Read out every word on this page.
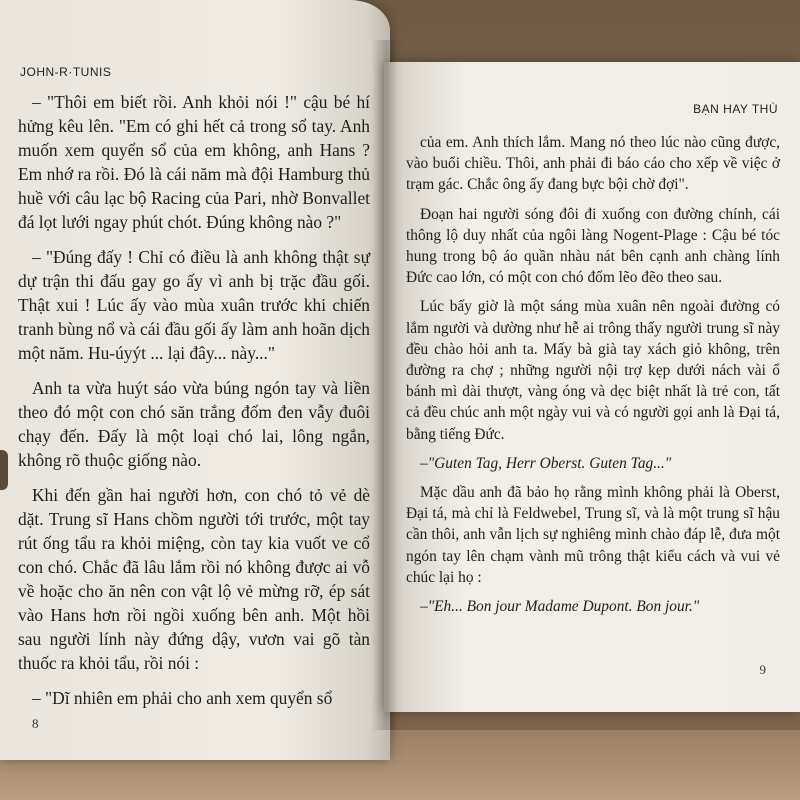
JOHN-R·TUNIS

– "Thôi em biết rồi. Anh khỏi nói !" cậu bé hí hửng kêu lên. "Em có ghi hết cả trong sổ tay. Anh muốn xem quyển sổ của em không, anh Hans ? Em nhớ ra rồi. Đó là cái năm mà đội Hamburg thủ huề với câu lạc bộ Racing của Pari, nhờ Bonvallet đá lọt lưới ngay phút chót. Đúng không nào ?"

– "Đúng đấy ! Chỉ có điều là anh không thật sự dự trận thi đấu gay go ấy vì anh bị trặc đầu gối. Thật xui ! Lúc ấy vào mùa xuân trước khi chiến tranh bùng nổ và cái đầu gối ấy làm anh hoãn dịch một năm. Hu-úyýt ... lại đây... này..."

Anh ta vừa huýt sáo vừa búng ngón tay và liền theo đó một con chó săn trắng đốm đen vẫy đuôi chạy đến. Đấy là một loại chó lai, lông ngắn, không rõ thuộc giống nào.

Khi đến gần hai người hơn, con chó tỏ vẻ dè dặt. Trung sĩ Hans chồm người tới trước, một tay rút ống tẩu ra khỏi miệng, còn tay kia vuốt ve cổ con chó. Chắc đã lâu lắm rồi nó không được ai vỗ về hoặc cho ăn nên con vật lộ vẻ mừng rỡ, ép sát vào Hans hơn rồi ngồi xuống bên anh. Một hồi sau người lính này đứng dậy, vươn vai gõ tàn thuốc ra khỏi tẩu, rồi nói :

– "Dĩ nhiên em phải cho anh xem quyển sổ

8
BẠN HAY THÙ

của em. Anh thích lắm. Mang nó theo lúc nào cũng được, vào buổi chiều. Thôi, anh phải đi báo cáo cho xếp về việc ở trạm gác. Chắc ông ấy đang bực bội chờ đợi".

Đoạn hai người sóng đôi đi xuống con đường chính, cái thông lộ duy nhất của ngôi làng Nogent-Plage : Cậu bé tóc hung trong bộ áo quần nhàu nát bên cạnh anh chàng lính Đức cao lớn, có một con chó đốm lẽo đẽo theo sau.

Lúc bấy giờ là một sáng mùa xuân nên ngoài đường có lắm người và dường như hễ ai trông thấy người trung sĩ này đều chào hỏi anh ta. Mấy bà già tay xách giỏ không, trên đường ra chợ ; những người nội trợ kẹp dưới nách vài ổ bánh mì dài thượt, vàng óng và dẹc biệt nhất là trẻ con, tất cả đều chúc anh một ngày vui và có người gọi anh là Đại tá, bằng tiếng Đức.

–"Guten Tag, Herr Oberst. Guten Tag..."

Mặc dầu anh đã bảo họ rằng mình không phải là Oberst, Đại tá, mà chỉ là Feldwebel, Trung sĩ, và là một trung sĩ hậu cần thôi, anh vẫn lịch sự nghiêng mình chào đáp lễ, đưa một ngón tay lên chạm vành mũ trông thật kiểu cách và vui vẻ chúc lại họ :

–"Eh... Bon jour Madame Dupont. Bon jour."

9
